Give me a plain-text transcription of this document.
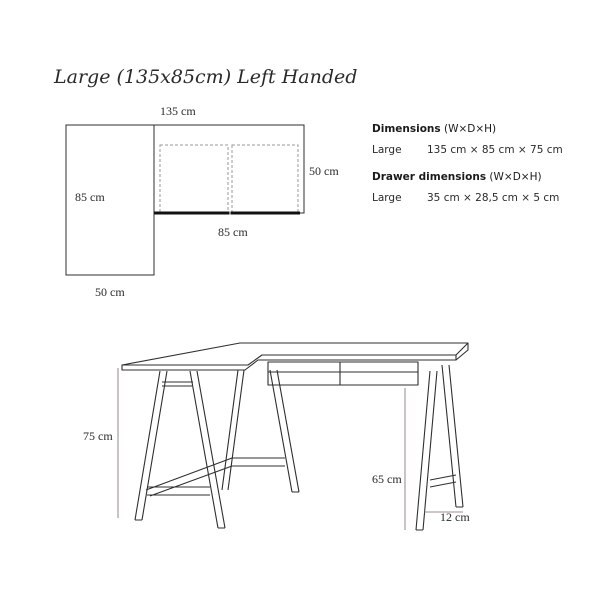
Large (135x85cm) Left Handed
135 cm
85 cm
50 cm
85 cm
50 cm
Dimensions (W×D×H)
Large 135 cm × 85 cm × 75 cm
Drawer dimensions (W×D×H)
Large 35 cm × 28,5 cm × 5 cm
75 cm
65 cm
12 cm
